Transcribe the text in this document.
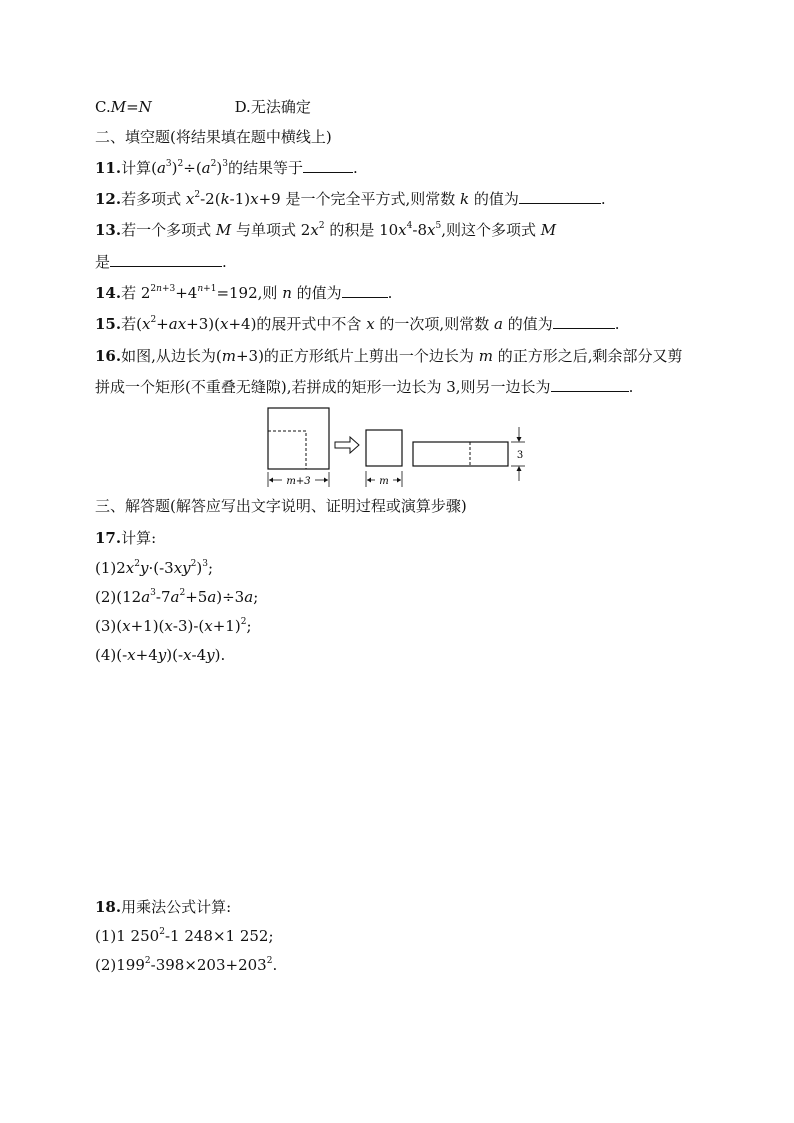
C.M=N	D.无法确定
二、填空题(将结果填在题中横线上)
11.计算$(a^3)^2\div(a^2)^3$的结果等于	.
12.若多项式 $x^2-2(k-1)x+9$ 是一个完全平方式,则常数 k 的值为	.
13.若一个多项式 M 与单项式 $2x^2$ 的积是 $10x^4-8x^5$,则这个多项式 M
是	.
14.若 $2^{2n+3}+4^{n+1}=192$,则 n 的值为	.
15.若$(x^2+ax+3)(x+4)$的展开式中不含 x 的一次项,则常数 a 的值为	.
16.如图,从边长为(m+3)的正方形纸片上剪出一个边长为 m 的正方形之后,剩余部分又剪
拼成一个矩形(不重叠无缝隙),若拼成的矩形一边长为 3,则另一边长为	.
m+3	m
3
三、解答题(解答应写出文字说明、证明过程或演算步骤)
17.计算:
$(1)2x^2y\cdot(-3xy^2)^3$;
$(2)(12a^3-7a^2+5a)\div 3a$;
$(3)(x+1)(x-3)-(x+1)^2$;
(4)(-x+4y)(-x-4y).
18.用乘法公式计算:
(1)1 $250^2-1$ 248×1 252;
$(2)199^2-398\times 203+203^2$.
